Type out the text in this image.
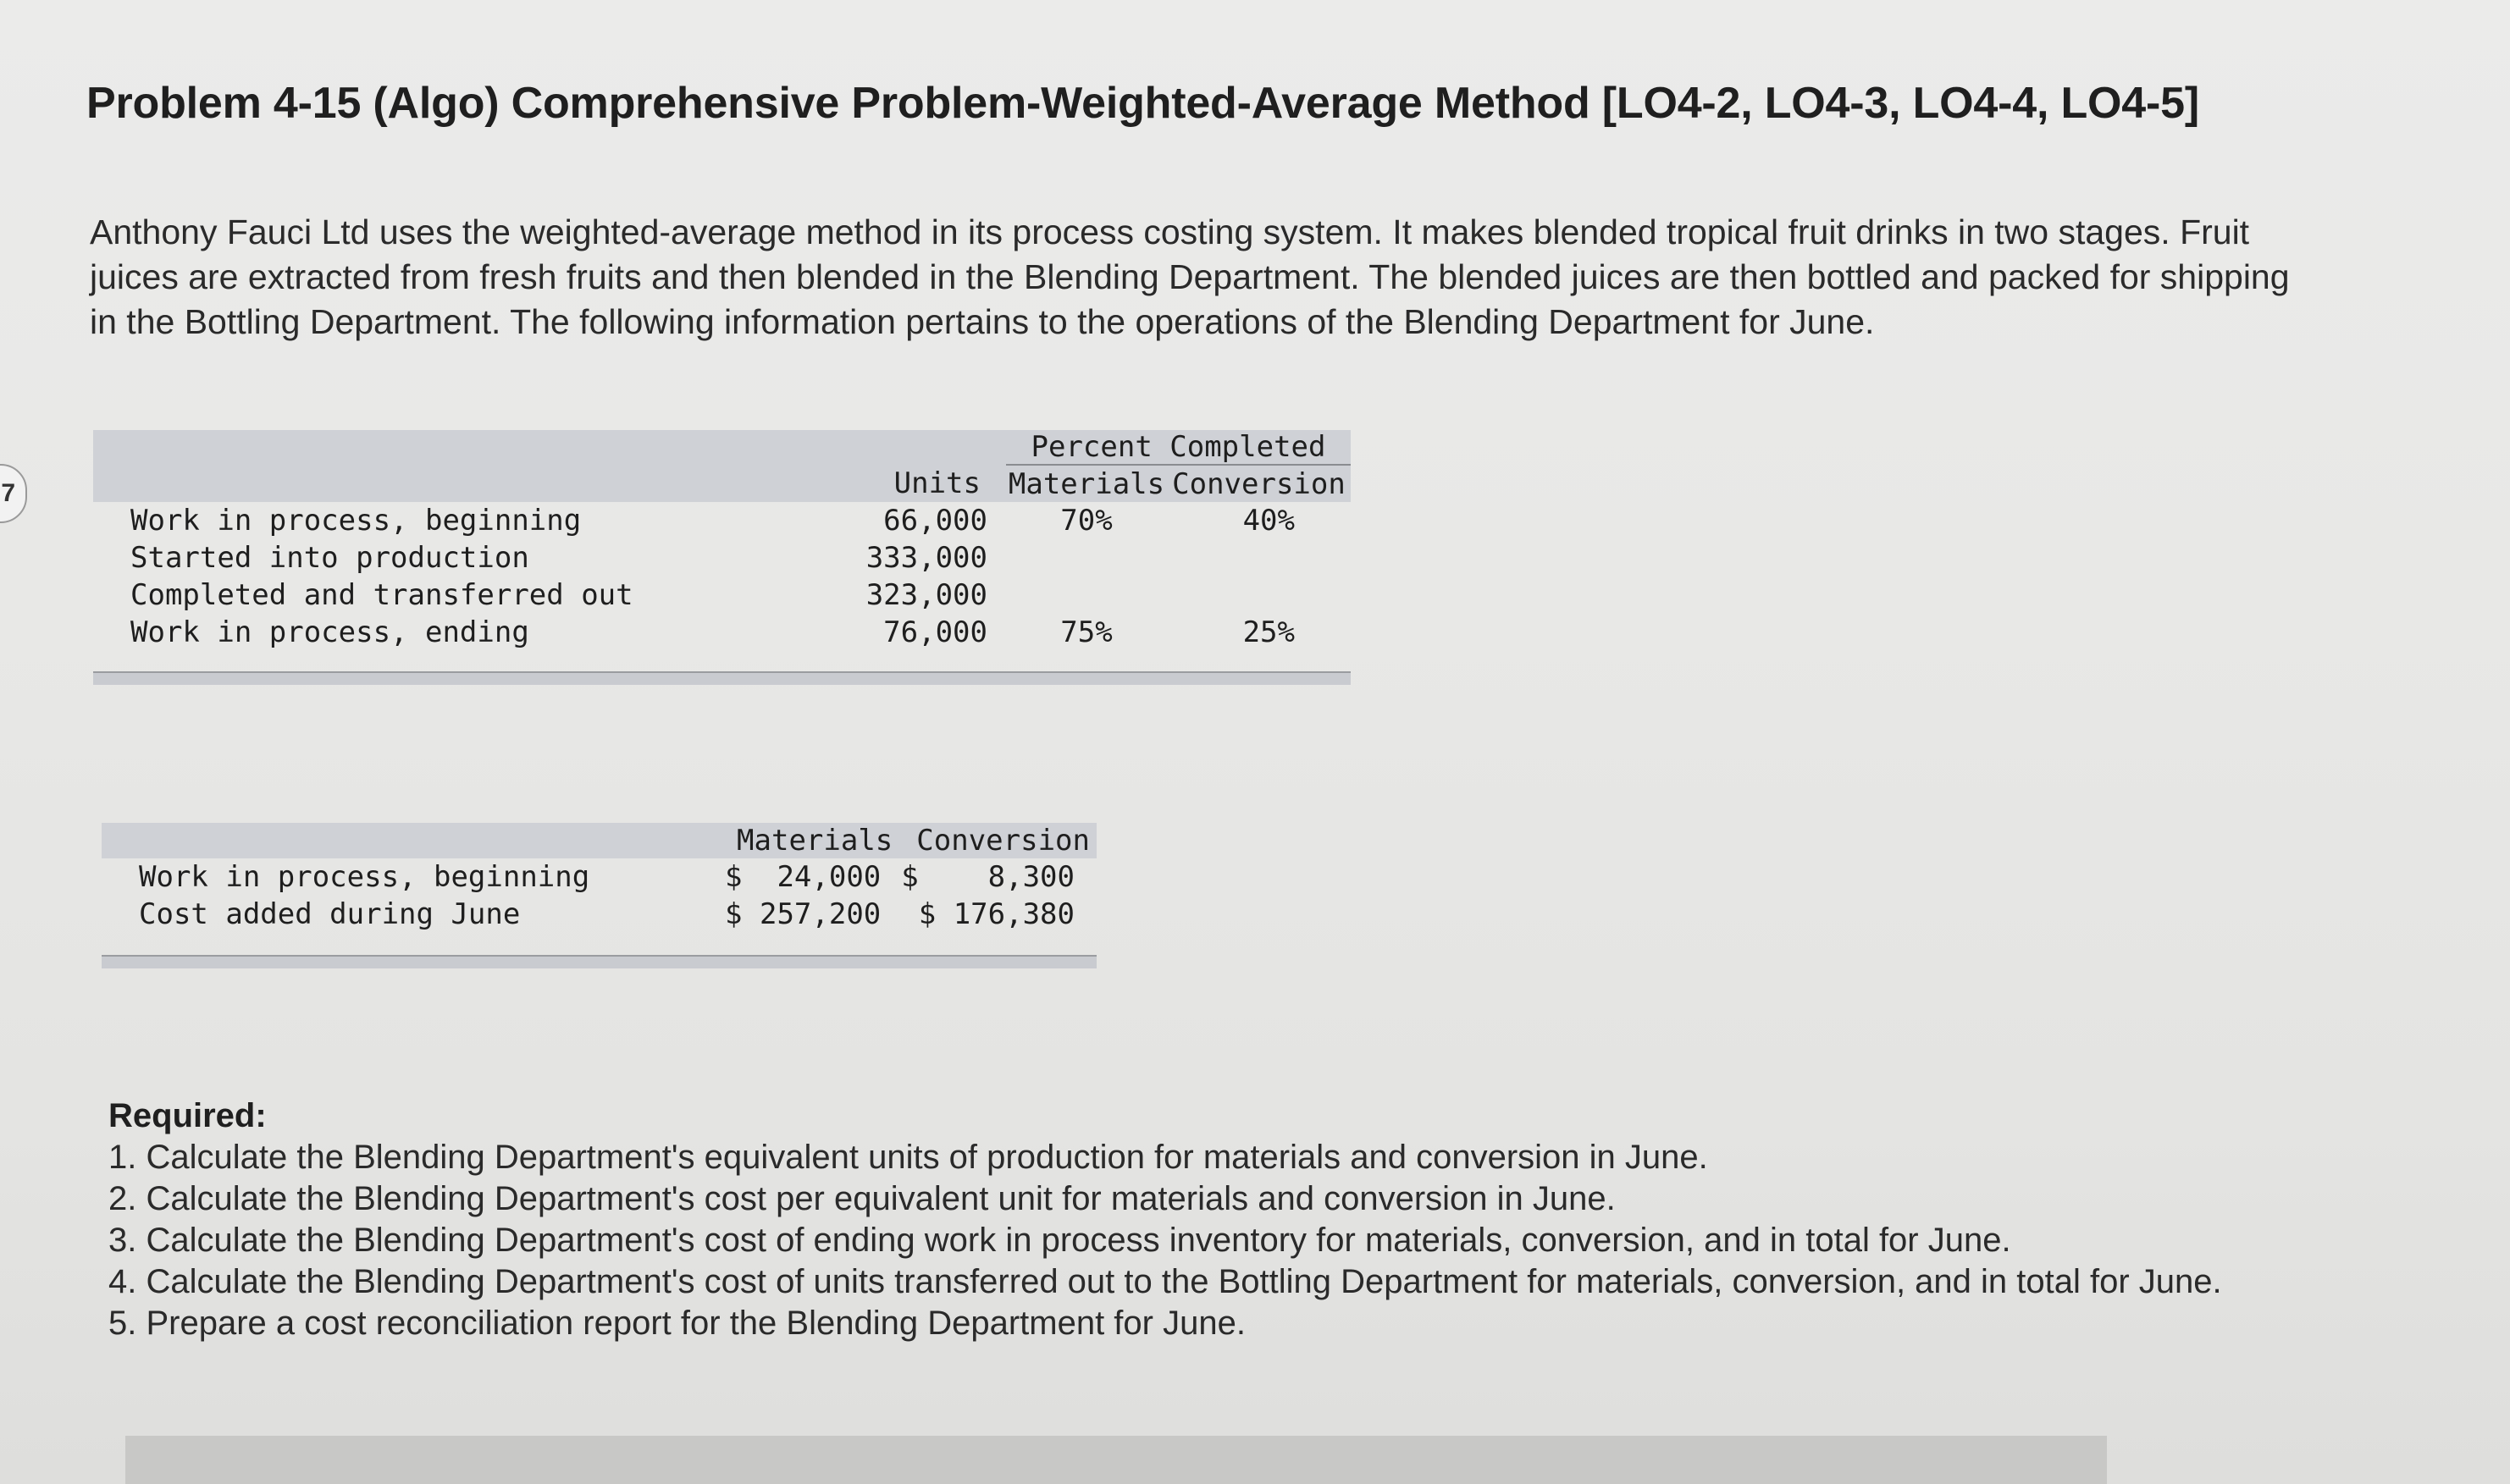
7
Problem 4-15 (Algo) Comprehensive Problem-Weighted-Average Method [LO4-2, LO4-3, LO4-4, LO4-5]
Anthony Fauci Ltd uses the weighted-average method in its process costing system. It makes blended tropical fruit drinks in two stages. Fruit juices are extracted from fresh fruits and then blended in the Blending Department. The blended juices are then bottled and packed for shipping in the Bottling Department. The following information pertains to the operations of the Blending Department for June.
		Percent Completed	
	Units	Materials	Conversion
Work in process, beginning	66,000	70%	40%
Started into production	333,000		
Completed and transferred out	323,000		
Work in process, ending	76,000	75%	25%

	Materials	Conversion
Work in process, beginning	$  24,000	$    8,300
Cost added during June	$ 257,200	$ 176,380

Required:

1. Calculate the Blending Department's equivalent units of production for materials and conversion in June.

2. Calculate the Blending Department's cost per equivalent unit for materials and conversion in June.

3. Calculate the Blending Department's cost of ending work in process inventory for materials, conversion, and in total for June.

4. Calculate the Blending Department's cost of units transferred out to the Bottling Department for materials, conversion, and in total for June.

5. Prepare a cost reconciliation report for the Blending Department for June.
